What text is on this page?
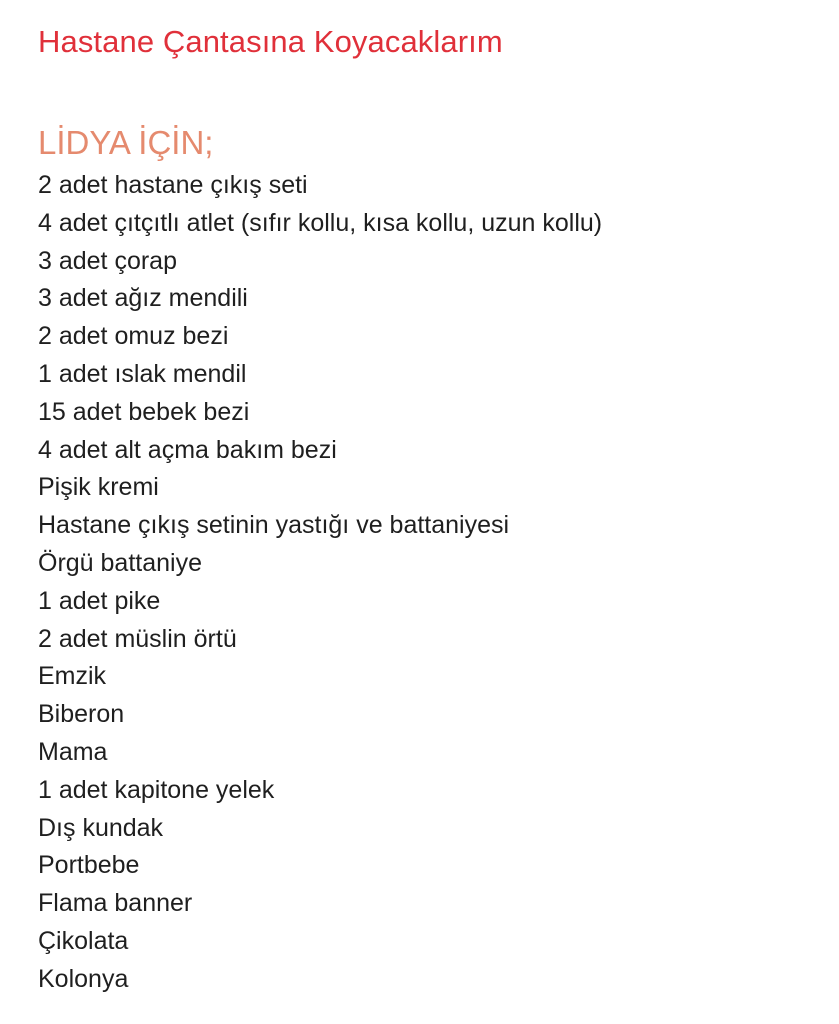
Hastane Çantasına Koyacaklarım
LİDYA İÇİN;
2 adet hastane çıkış seti
4 adet çıtçıtlı atlet (sıfır kollu, kısa kollu, uzun kollu)
3 adet çorap
3 adet ağız mendili
2 adet omuz bezi
1 adet ıslak mendil
15 adet bebek bezi
4 adet alt açma bakım bezi
Pişik kremi
Hastane çıkış setinin yastığı ve battaniyesi
Örgü battaniye
1 adet pike
2 adet müslin örtü
Emzik
Biberon
Mama
1 adet kapitone yelek
Dış kundak
Portbebe
Flama banner
Çikolata
Kolonya
